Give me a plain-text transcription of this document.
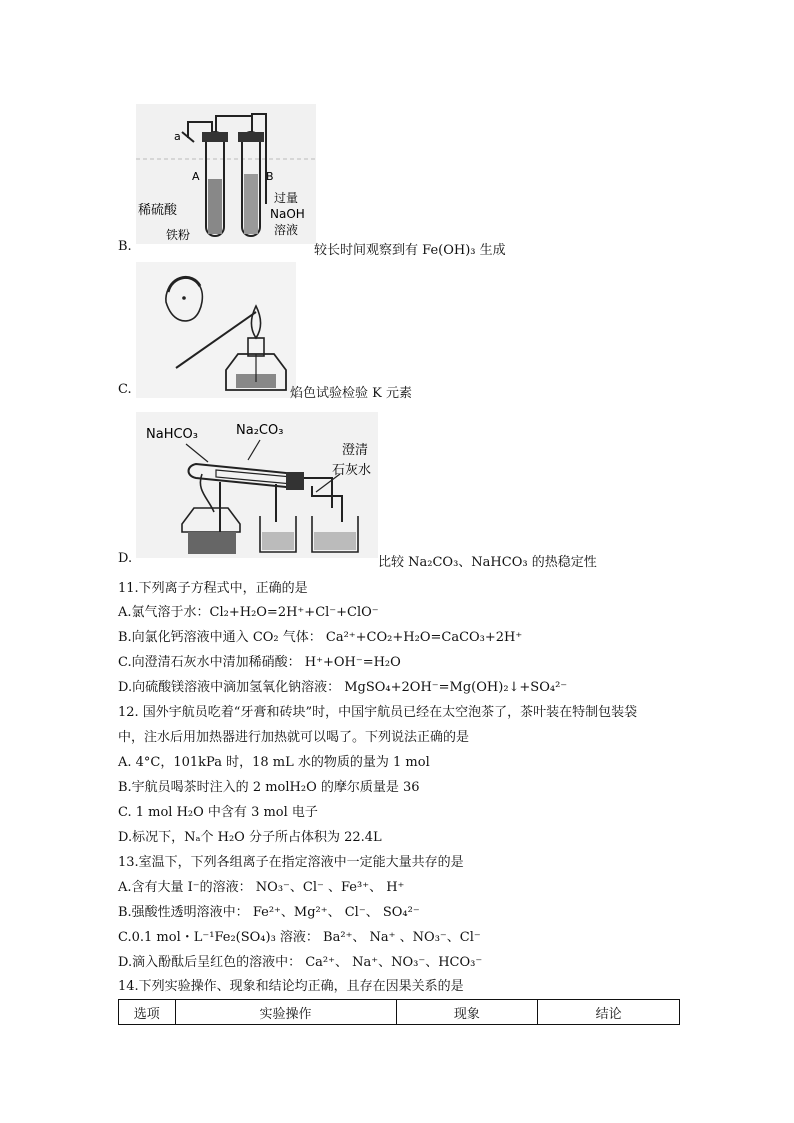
a
A	B
稀硫酸
铁粉
过量
NaOH
溶液
B.	较长时间观察到有 Fe(OH)₃ 生成
C.	焰色试验检验 K 元素
NaHCO₃	Na₂CO₃
澄清
石灰水
D.	比较 Na₂CO₃、NaHCO₃ 的热稳定性
11.下列离子方程式中，正确的是
A.氯气溶于水：Cl₂+H₂O=2H⁺+Cl⁻+ClO⁻
B.向氯化钙溶液中通入 CO₂ 气体： Ca²⁺+CO₂+H₂O=CaCO₃+2H⁺
C.向澄清石灰水中清加稀硝酸： H⁺+OH⁻=H₂O
D.向硫酸镁溶液中滴加氢氧化钠溶液： MgSO₄+2OH⁻=Mg(OH)₂↓+SO₄²⁻
12. 国外宇航员吃着“牙膏和砖块”时，中国宇航员已经在太空泡茶了，茶叶装在特制包装袋
中，注水后用加热器进行加热就可以喝了。下列说法正确的是
A. 4°C，101kPa 时，18 mL 水的物质的量为 1 mol
B.宇航员喝茶时注入的 2 molH₂O 的摩尔质量是 36
C. 1 mol H₂O 中含有 3 mol 电子
D.标况下，Nₐ个 H₂O 分子所占体积为 22.4L
13.室温下，下列各组离子在指定溶液中一定能大量共存的是
A.含有大量 I⁻的溶液： NO₃⁻、Cl⁻ 、Fe³⁺、 H⁺
B.强酸性透明溶液中： Fe²⁺、Mg²⁺、 Cl⁻、 SO₄²⁻
C.0.1 mol・L⁻¹Fe₂(SO₄)₃ 溶液： Ba²⁺、 Na⁺ 、NO₃⁻、Cl⁻
D.滴入酚酞后呈红色的溶液中： Ca²⁺、 Na⁺、NO₃⁻、HCO₃⁻
14.下列实验操作、现象和结论均正确，且存在因果关系的是
选项	实验操作	现象	结论
